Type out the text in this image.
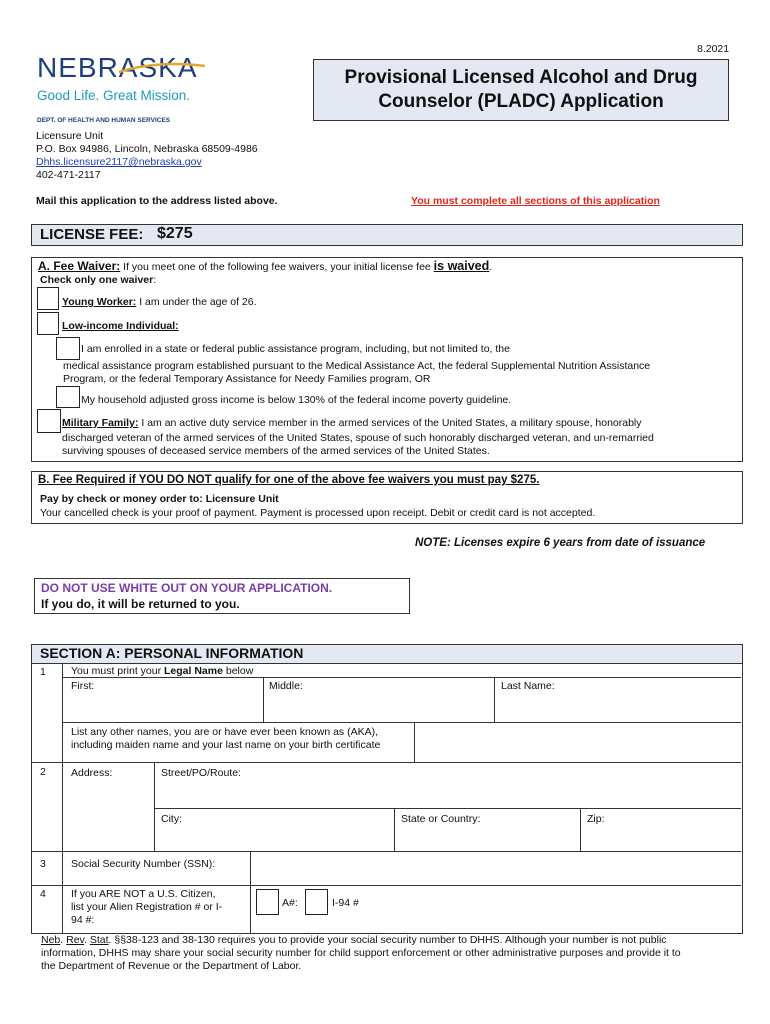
8.2021
NEBRASKA
Good Life. Great Mission.
DEPT. OF HEALTH AND HUMAN SERVICES
Provisional Licensed Alcohol and Drug
Counselor (PLADC) Application
Licensure Unit
P.O. Box 94986, Lincoln, Nebraska 68509-4986
Dhhs.licensure2117@nebraska.gov
402-471-2117
Mail this application to the address listed above.	You must complete all sections of this application
LICENSE FEE: $275
A. Fee Waiver: If you meet one of the following fee waivers, your initial license fee is waived.
Check only one waiver:
Young Worker: I am under the age of 26.
Low-income Individual:
I am enrolled in a state or federal public assistance program, including, but not limited to, the
medical assistance program established pursuant to the Medical Assistance Act, the federal Supplemental Nutrition Assistance
Program, or the federal Temporary Assistance for Needy Families program, OR
My household adjusted gross income is below 130% of the federal income poverty guideline.
Military Family: I am an active duty service member in the armed services of the United States, a military spouse, honorably
discharged veteran of the armed services of the United States, spouse of such honorably discharged veteran, and un-remarried
surviving spouses of deceased service members of the armed services of the United States.
B. Fee Required if YOU DO NOT qualify for one of the above fee waivers you must pay $275.
Pay by check or money order to: Licensure Unit
Your cancelled check is your proof of payment. Payment is processed upon receipt. Debit or credit card is not accepted.
NOTE: Licenses expire 6 years from date of issuance
DO NOT USE WHITE OUT ON YOUR APPLICATION.
If you do, it will be returned to you.
SECTION A: PERSONAL INFORMATION
1 You must print your Legal Name below
First:	Middle:	Last Name:
List any other names, you are or have ever been known as (AKA),
including maiden name and your last name on your birth certificate
2 Address:	Street/PO/Route:
City:	State or Country:	Zip:
3 Social Security Number (SSN):
4 If you ARE NOT a U.S. Citizen,
list your Alien Registration # or I-
94 #:
A#:	I-94 #
Neb. Rev. Stat. §§38-123 and 38-130 requires you to provide your social security number to DHHS. Although your number is not public
information, DHHS may share your social security number for child support enforcement or other administrative purposes and provide it to
the Department of Revenue or the Department of Labor.
